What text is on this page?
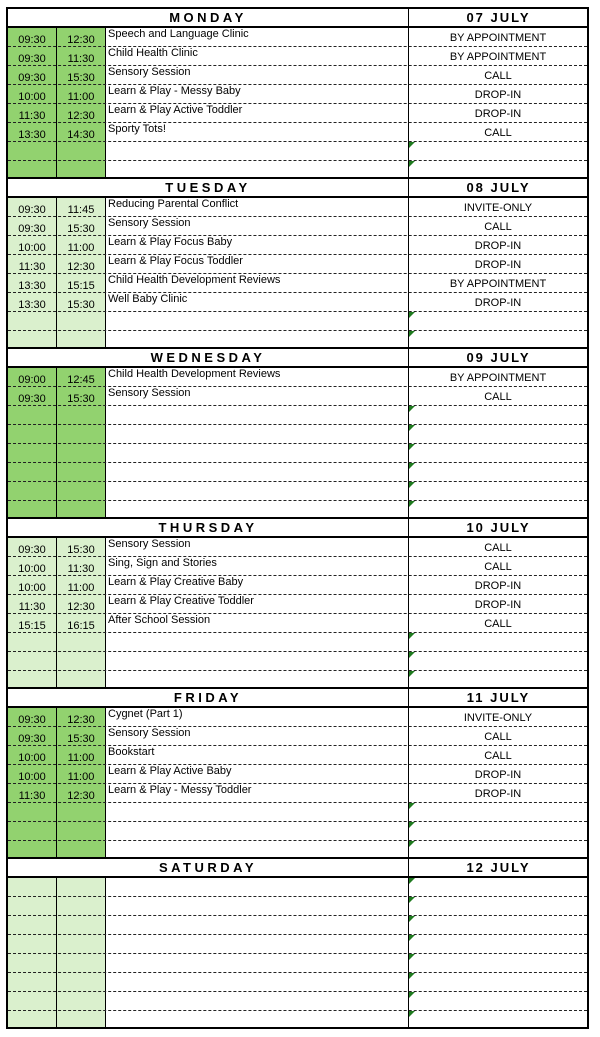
MONDAY	07 JULY
09:30	12:30	Speech and Language Clinic	BY APPOINTMENT
09:30	11:30	Child Health Clinic	BY APPOINTMENT
09:30	15:30	Sensory Session	CALL
10:00	11:00	Learn & Play - Messy Baby	DROP-IN
11:30	12:30	Learn & Play Active Toddler	DROP-IN
13:30	14:30	Sporty Tots!	CALL
TUESDAY	08 JULY
09:30	11:45	Reducing Parental Conflict	INVITE-ONLY
09:30	15:30	Sensory Session	CALL
10:00	11:00	Learn & Play Focus Baby	DROP-IN
11:30	12:30	Learn & Play Focus Toddler	DROP-IN
13:30	15:15	Child Health Development Reviews	BY APPOINTMENT
13:30	15:30	Well Baby Clinic	DROP-IN
WEDNESDAY	09 JULY
09:00	12:45	Child Health Development Reviews	BY APPOINTMENT
09:30	15:30	Sensory Session	CALL
THURSDAY	10 JULY
09:30	15:30	Sensory Session	CALL
10:00	11:30	Sing, Sign and Stories	CALL
10:00	11:00	Learn & Play Creative Baby	DROP-IN
11:30	12:30	Learn & Play Creative Toddler	DROP-IN
15:15	16:15	After School Session	CALL
FRIDAY	11 JULY
09:30	12:30	Cygnet (Part 1)	INVITE-ONLY
09:30	15:30	Sensory Session	CALL
10:00	11:00	Bookstart	CALL
10:00	11:00	Learn & Play Active Baby	DROP-IN
11:30	12:30	Learn & Play - Messy Toddler	DROP-IN
SATURDAY	12 JULY
